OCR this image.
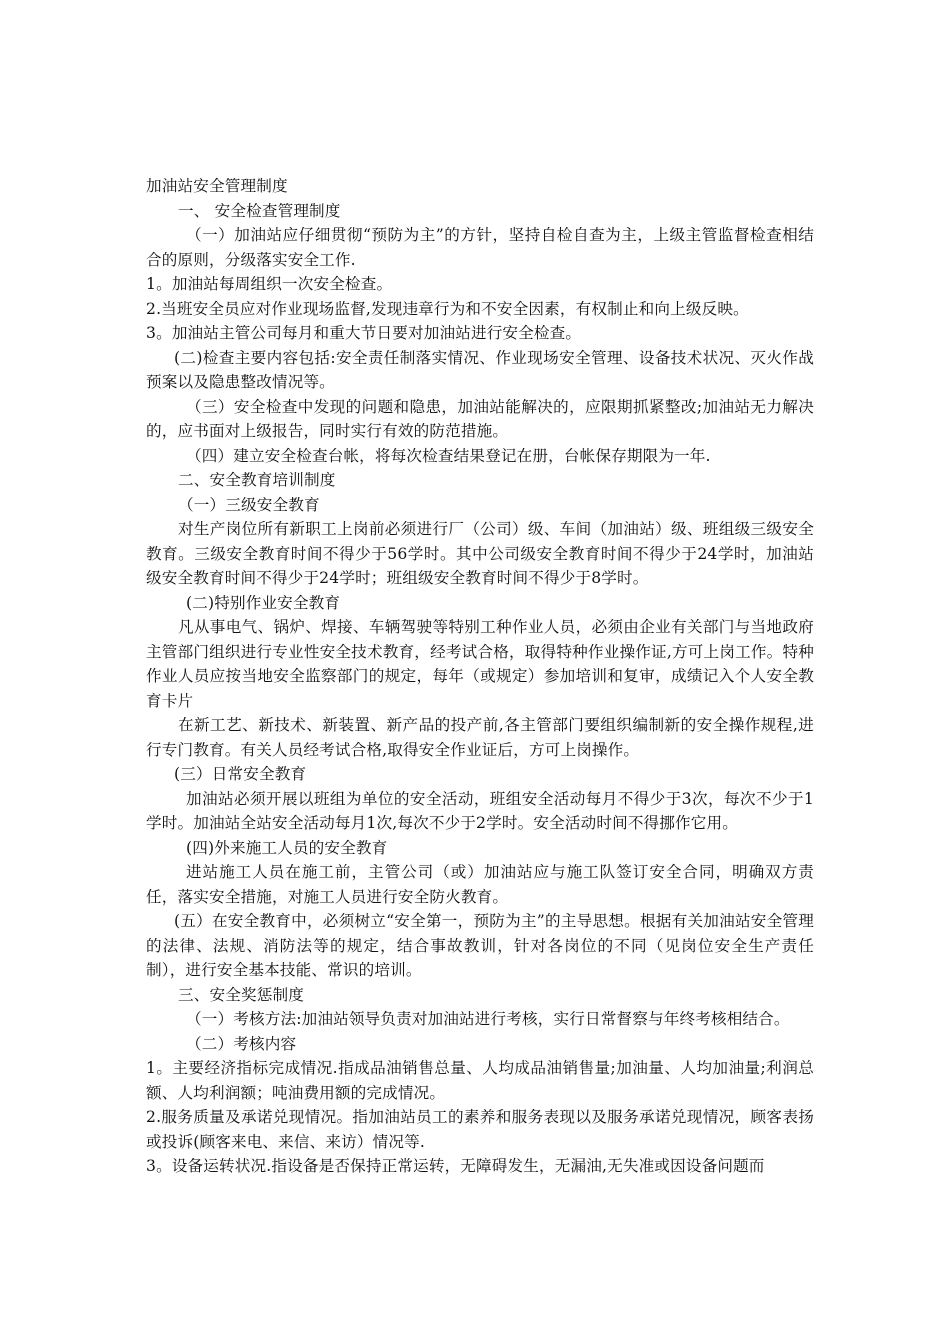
加油站安全管理制度

一、 安全检查管理制度

（一）加油站应仔细贯彻“预防为主”的方针，坚持自检自查为主，上级主管监督检查相结合的原则，分级落实安全工作.

1。加油站每周组织一次安全检查。

2.当班安全员应对作业现场监督,发现违章行为和不安全因素，有权制止和向上级反映。

3。加油站主管公司每月和重大节日要对加油站进行安全检查。

(二)检查主要内容包括:安全责任制落实情况、作业现场安全管理、设备技术状况、灭火作战预案以及隐患整改情况等。

（三）安全检查中发现的问题和隐患，加油站能解决的，应限期抓紧整改;加油站无力解决的，应书面对上级报告，同时实行有效的防范措施。

（四）建立安全检查台帐，将每次检查结果登记在册，台帐保存期限为一年.

二、安全教育培训制度

（一）三级安全教育

对生产岗位所有新职工上岗前必须进行厂（公司）级、车间（加油站）级、班组级三级安全教育。三级安全教育时间不得少于56学时。其中公司级安全教育时间不得少于24学时，加油站级安全教育时间不得少于24学时；班组级安全教育时间不得少于8学时。

(二)特别作业安全教育

凡从事电气、锅炉、焊接、车辆驾驶等特别工种作业人员，必须由企业有关部门与当地政府主管部门组织进行专业性安全技术教育，经考试合格，取得特种作业操作证,方可上岗工作。特种作业人员应按当地安全监察部门的规定，每年（或规定）参加培训和复审，成绩记入个人安全教育卡片

在新工艺、新技术、新装置、新产品的投产前,各主管部门要组织编制新的安全操作规程,进行专门教育。有关人员经考试合格,取得安全作业证后，方可上岗操作。

(三）日常安全教育

加油站必须开展以班组为单位的安全活动，班组安全活动每月不得少于3次，每次不少于1学时。加油站全站安全活动每月1次,每次不少于2学时。安全活动时间不得挪作它用。

(四)外来施工人员的安全教育

进站施工人员在施工前，主管公司（或）加油站应与施工队签订安全合同，明确双方责任，落实安全措施，对施工人员进行安全防火教育。

(五）在安全教育中，必须树立“安全第一，预防为主”的主导思想。根据有关加油站安全管理的法律、法规、消防法等的规定，结合事故教训，针对各岗位的不同（见岗位安全生产责任制），进行安全基本技能、常识的培训。

三、安全奖惩制度

（一）考核方法:加油站领导负责对加油站进行考核，实行日常督察与年终考核相结合。

（二）考核内容

1。主要经济指标完成情况.指成品油销售总量、人均成品油销售量;加油量、人均加油量;利润总额、人均利润额；吨油费用额的完成情况。

2.服务质量及承诺兑现情况。指加油站员工的素养和服务表现以及服务承诺兑现情况，顾客表扬或投诉(顾客来电、来信、来访）情况等.

3。设备运转状况.指设备是否保持正常运转，无障碍发生，无漏油,无失准或因设备问题而
